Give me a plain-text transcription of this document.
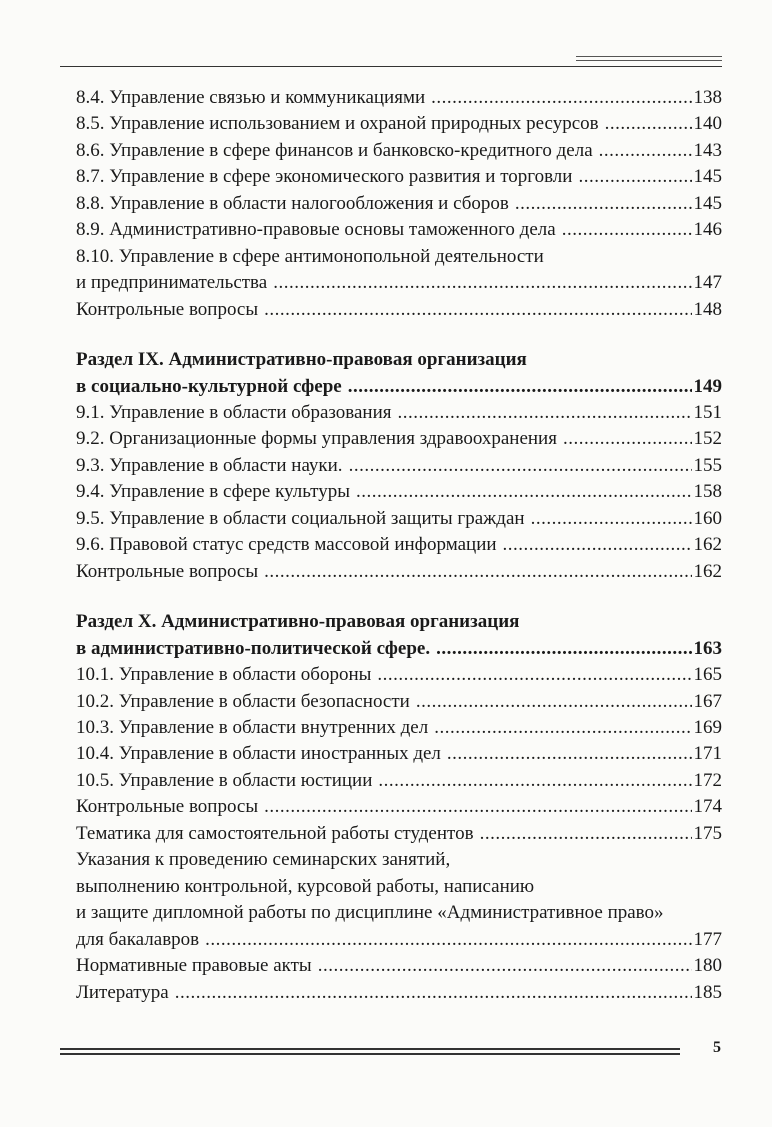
8.4. Управление связью и коммуникациями .....	138
8.5. Управление использованием и охраной природных ресурсов .....	140
8.6. Управление в сфере финансов и банковско-кредитного дела .....	143
8.7. Управление в сфере экономического развития и торговли .....	145
8.8. Управление в области налогообложения и сборов .....	145
8.9. Административно-правовые основы таможенного дела .....	146
8.10. Управление в сфере антимонопольной деятельности
и предпринимательства .....	147
Контрольные вопросы .....	148
Раздел IX. Административно-правовая организация
в социально-культурной сфере .....	149
9.1. Управление в области образования .....	151
9.2. Организационные формы управления здравоохранения .....	152
9.3. Управление в области науки. .....	155
9.4. Управление в сфере культуры .....	158
9.5. Управление в области социальной защиты граждан .....	160
9.6. Правовой статус средств массовой информации .....	162
Контрольные вопросы .....	162
Раздел X. Административно-правовая организация
в административно-политической сфере. .....	163
10.1. Управление в области обороны .....	165
10.2. Управление в области безопасности .....	167
10.3. Управление в области внутренних дел .....	169
10.4. Управление в области иностранных дел .....	171
10.5. Управление в области юстиции .....	172
Контрольные вопросы .....	174
Тематика для самостоятельной работы студентов .....	175
Указания к проведению семинарских занятий,
выполнению контрольной, курсовой работы, написанию
и защите дипломной работы по дисциплине «Административное право»
для бакалавров .....	177
Нормативные правовые акты .....	180
Литература .....	185
5
